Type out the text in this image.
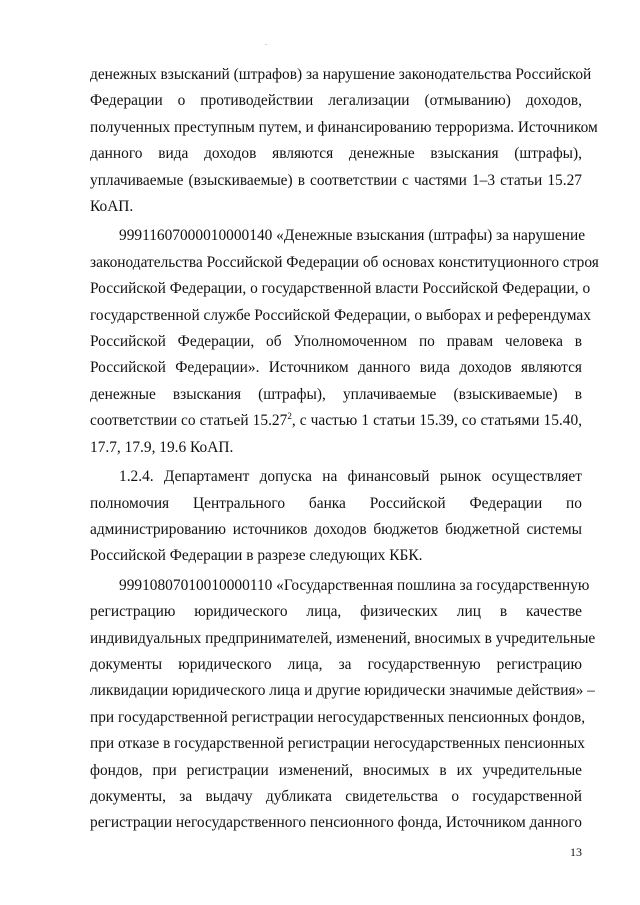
денежных взысканий (штрафов) за нарушение законодательства Российской
Федерации о противодействии легализации (отмыванию) доходов,
полученных преступным путем, и финансированию терроризма. Источником
данного вида доходов являются денежные взыскания (штрафы),
уплачиваемые (взыскиваемые) в соответствии с частями 1–3 статьи 15.27
КоАП.
99911607000010000140 «Денежные взыскания (штрафы) за нарушение
законодательства Российской Федерации об основах конституционного строя
Российской Федерации, о государственной власти Российской Федерации, о
государственной службе Российской Федерации, о выборах и референдумах
Российской Федерации, об Уполномоченном по правам человека в
Российской Федерации». Источником данного вида доходов являются
денежные взыскания (штрафы), уплачиваемые (взыскиваемые) в
соответствии со статьей 15.27$^2$, с частью 1 статьи 15.39, со статьями 15.40,
17.7, 17.9, 19.6 КоАП.
1.2.4. Департамент допуска на финансовый рынок осуществляет
полномочия Центрального банка Российской Федерации по
администрированию источников доходов бюджетов бюджетной системы
Российской Федерации в разрезе следующих КБК.
99910807010010000110 «Государственная пошлина за государственную
регистрацию юридического лица, физических лиц в качестве
индивидуальных предпринимателей, изменений, вносимых в учредительные
документы юридического лица, за государственную регистрацию
ликвидации юридического лица и другие юридически значимые действия» –
при государственной регистрации негосударственных пенсионных фондов,
при отказе в государственной регистрации негосударственных пенсионных
фондов, при регистрации изменений, вносимых в их учредительные
документы, за выдачу дубликата свидетельства о государственной
регистрации негосударственного пенсионного фонда, Источником данного
13
